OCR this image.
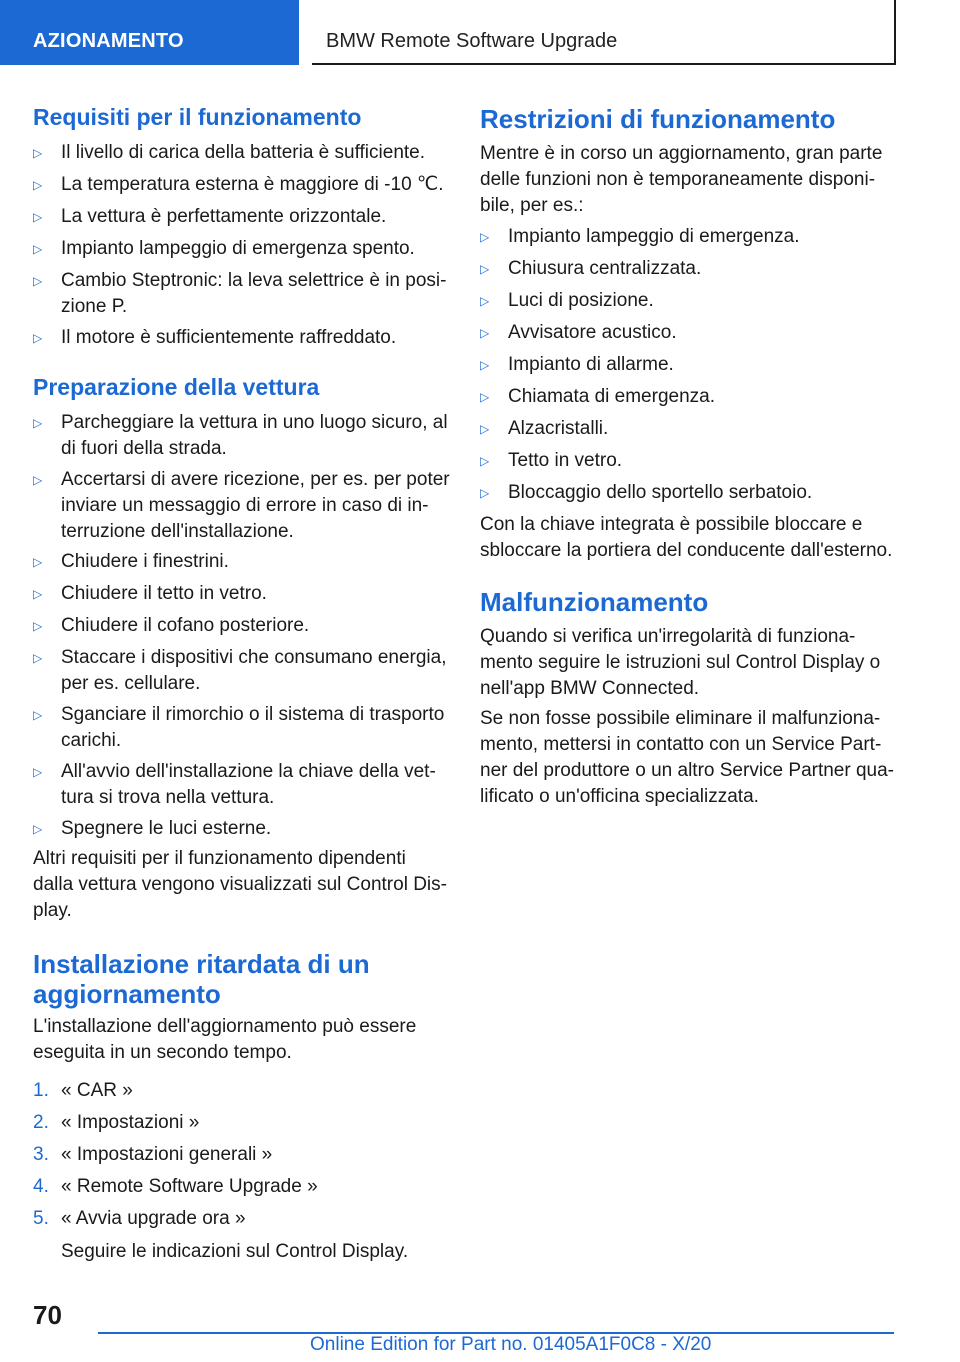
AZIONAMENTO	BMW Remote Software Upgrade
Requisiti per il funzionamento
▷ Il livello di carica della batteria è sufficiente.
▷ La temperatura esterna è maggiore di -10 ℃.
▷ La vettura è perfettamente orizzontale.
▷ Impianto lampeggio di emergenza spento.
▷ Cambio Steptronic: la leva selettrice è in posi‐
zione P.
▷ Il motore è sufficientemente raffreddato.
Preparazione della vettura
▷ Parcheggiare la vettura in uno luogo sicuro, al
di fuori della strada.
▷ Accertarsi di avere ricezione, per es. per poter
inviare un messaggio di errore in caso di in‐
terruzione dell'installazione.
▷ Chiudere i finestrini.
▷ Chiudere il tetto in vetro.
▷ Chiudere il cofano posteriore.
▷ Staccare i dispositivi che consumano energia,
per es. cellulare.
▷ Sganciare il rimorchio o il sistema di trasporto
carichi.
▷ All'avvio dell'installazione la chiave della vet‐
tura si trova nella vettura.
▷ Spegnere le luci esterne.
Altri requisiti per il funzionamento dipendenti
dalla vettura vengono visualizzati sul Control Dis‐
play.
Installazione ritardata di un
aggiornamento
L'installazione dell'aggiornamento può essere
eseguita in un secondo tempo.
1. « CAR »
2. « Impostazioni »
3. « Impostazioni generali »
4. « Remote Software Upgrade »
5. « Avvia upgrade ora »
Seguire le indicazioni sul Control Display.
Restrizioni di funzionamento
Mentre è in corso un aggiornamento, gran parte
delle funzioni non è temporaneamente disponi‐
bile, per es.:
▷ Impianto lampeggio di emergenza.
▷ Chiusura centralizzata.
▷ Luci di posizione.
▷ Avvisatore acustico.
▷ Impianto di allarme.
▷ Chiamata di emergenza.
▷ Alzacristalli.
▷ Tetto in vetro.
▷ Bloccaggio dello sportello serbatoio.
Con la chiave integrata è possibile bloccare e
sbloccare la portiera del conducente dall'esterno.
Malfunzionamento
Quando si verifica un'irregolarità di funziona‐
mento seguire le istruzioni sul Control Display o
nell'app BMW Connected.
Se non fosse possibile eliminare il malfunziona‐
mento, mettersi in contatto con un Service Part‐
ner del produttore o un altro Service Partner qua‐
lificato o un'officina specializzata.
70
Online Edition for Part no. 01405A1F0C8 - X/20
